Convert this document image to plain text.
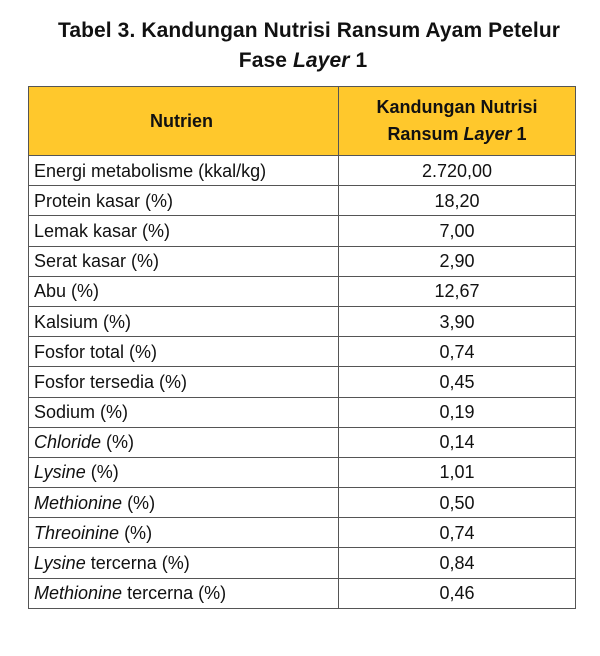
Tabel 3. Kandungan Nutrisi Ransum Ayam Petelur
Fase Layer 1
Nutrien	Kandungan Nutrisi
Ransum Layer 1
Energi metabolisme (kkal/kg)	2.720,00
Protein kasar (%)	18,20
Lemak kasar (%)	7,00
Serat kasar (%)	2,90
Abu (%)	12,67
Kalsium (%)	3,90
Fosfor total (%)	0,74
Fosfor tersedia (%)	0,45
Sodium (%)	0,19
Chloride (%)	0,14
Lysine (%)	1,01
Methionine (%)	0,50
Threoinine (%)	0,74
Lysine tercerna (%)	0,84
Methionine tercerna (%)	0,46
